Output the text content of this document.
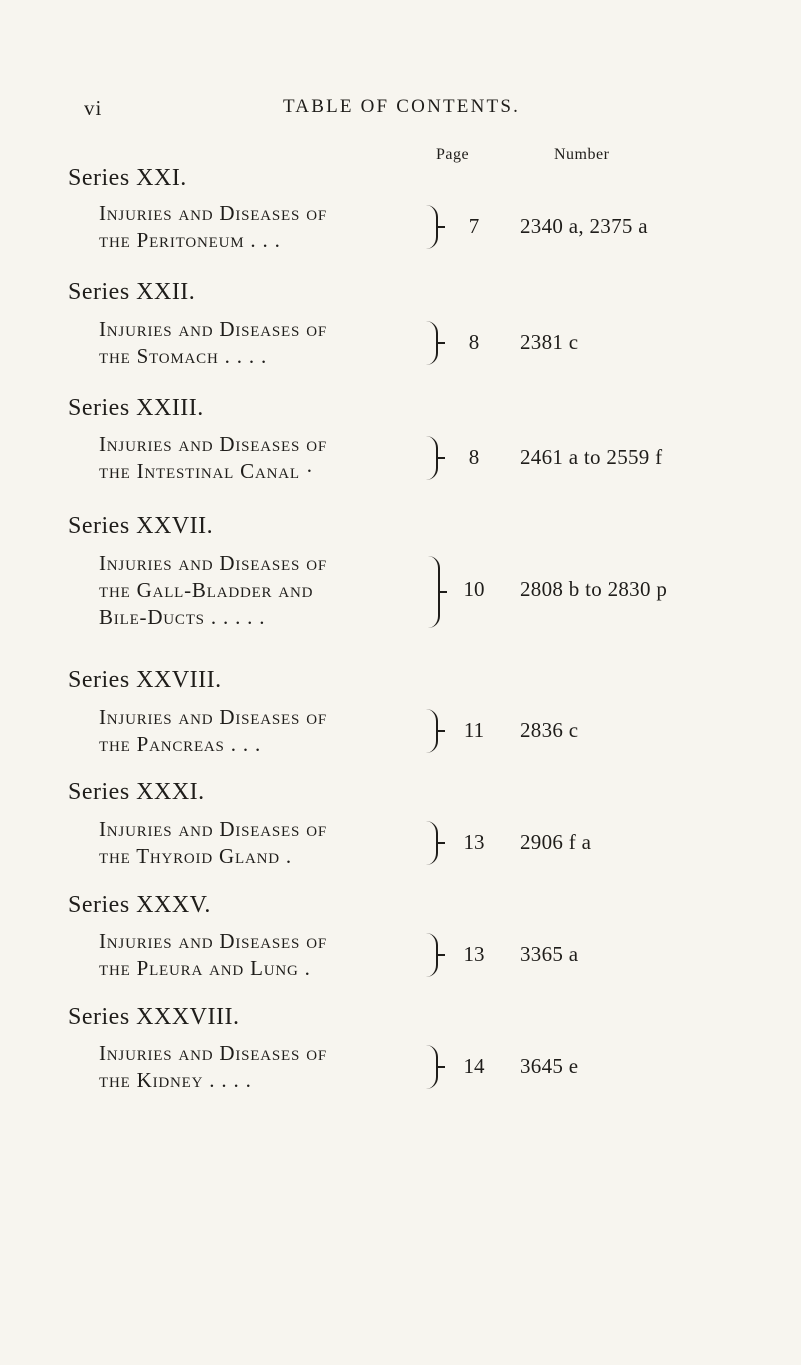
vi	TABLE OF CONTENTS.
Page	Number
Series XXI.
Injuries and Diseases of
the Peritoneum . . .
7	2340 a, 2375 a
Series XXII.
Injuries and Diseases of
the Stomach . . . .
8	2381 c
Series XXIII.
Injuries and Diseases of
the Intestinal Canal ·
8	2461 a to 2559 f
Series XXVII.
Injuries and Diseases of
the Gall-Bladder and
Bile-Ducts . . . . .
10	2808 b to 2830 p
Series XXVIII.
Injuries and Diseases of
the Pancreas . . .
11	2836 c
Series XXXI.
Injuries and Diseases of
the Thyroid Gland .
13	2906 f a
Series XXXV.
Injuries and Diseases of
the Pleura and Lung .
13	3365 a
Series XXXVIII.
Injuries and Diseases of
the Kidney . . . .
14	3645 e
